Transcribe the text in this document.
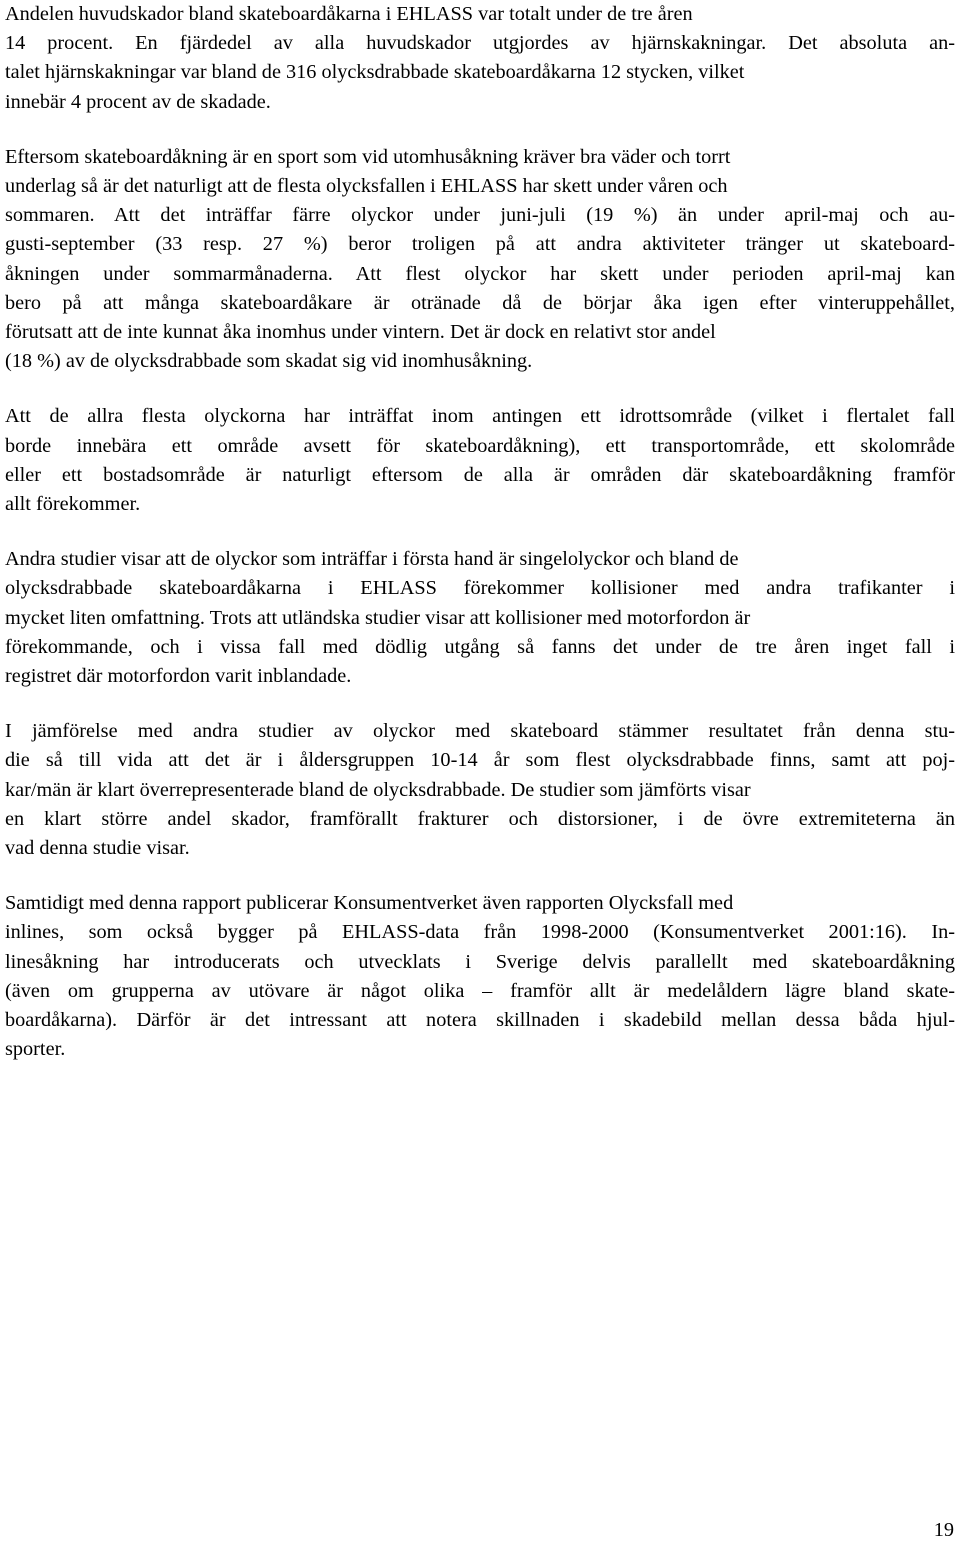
Andelen huvudskador bland skateboardåkarna i EHLASS var totalt under de tre åren
14 procent. En fjärdedel av alla huvudskador utgjordes av hjärnskakningar. Det absoluta an-
talet hjärnskakningar var bland de 316 olycksdrabbade skateboardåkarna 12 stycken, vilket
innebär 4 procent av de skadade.

Eftersom skateboardåkning är en sport som vid utomhusåkning kräver bra väder och torrt
underlag så är det naturligt att de flesta olycksfallen i EHLASS har skett under våren och
sommaren. Att det inträffar färre olyckor under juni-juli (19 %) än under april-maj och au-
gusti-september (33 resp. 27 %) beror troligen på att andra aktiviteter tränger ut skateboard-
åkningen under sommarmånaderna. Att flest olyckor har skett under perioden april-maj kan
bero på att många skateboardåkare är otränade då de börjar åka igen efter vinteruppehållet,
förutsatt att de inte kunnat åka inomhus under vintern. Det är dock en relativt stor andel
(18 %) av de olycksdrabbade som skadat sig vid inomhusåkning.

Att de allra flesta olyckorna har inträffat inom antingen ett idrottsområde (vilket i flertalet fall
borde innebära ett område avsett för skateboardåkning), ett transportområde, ett skolområde
eller ett bostadsområde är naturligt eftersom de alla är områden där skateboardåkning framför
allt förekommer.

Andra studier visar att de olyckor som inträffar i första hand är singelolyckor och bland de
olycksdrabbade skateboardåkarna i EHLASS förekommer kollisioner med andra trafikanter i
mycket liten omfattning. Trots att utländska studier visar att kollisioner med motorfordon är
förekommande, och i vissa fall med dödlig utgång så fanns det under de tre åren inget fall i
registret där motorfordon varit inblandade.

I jämförelse med andra studier av olyckor med skateboard stämmer resultatet från denna stu-
die så till vida att det är i åldersgruppen 10-14 år som flest olycksdrabbade finns, samt att poj-
kar/män är klart överrepresenterade bland de olycksdrabbade. De studier som jämförts visar
en klart större andel skador, framförallt frakturer och distorsioner, i de övre extremiteterna än
vad denna studie visar.

Samtidigt med denna rapport publicerar Konsumentverket även rapporten Olycksfall med
inlines, som också bygger på EHLASS-data från 1998-2000 (Konsumentverket 2001:16). In-
linesåkning har introducerats och utvecklats i Sverige delvis parallellt med skateboardåkning
(även om grupperna av utövare är något olika – framför allt är medelåldern lägre bland skate-
boardåkarna). Därför är det intressant att notera skillnaden i skadebild mellan dessa båda hjul-
sporter.

19
